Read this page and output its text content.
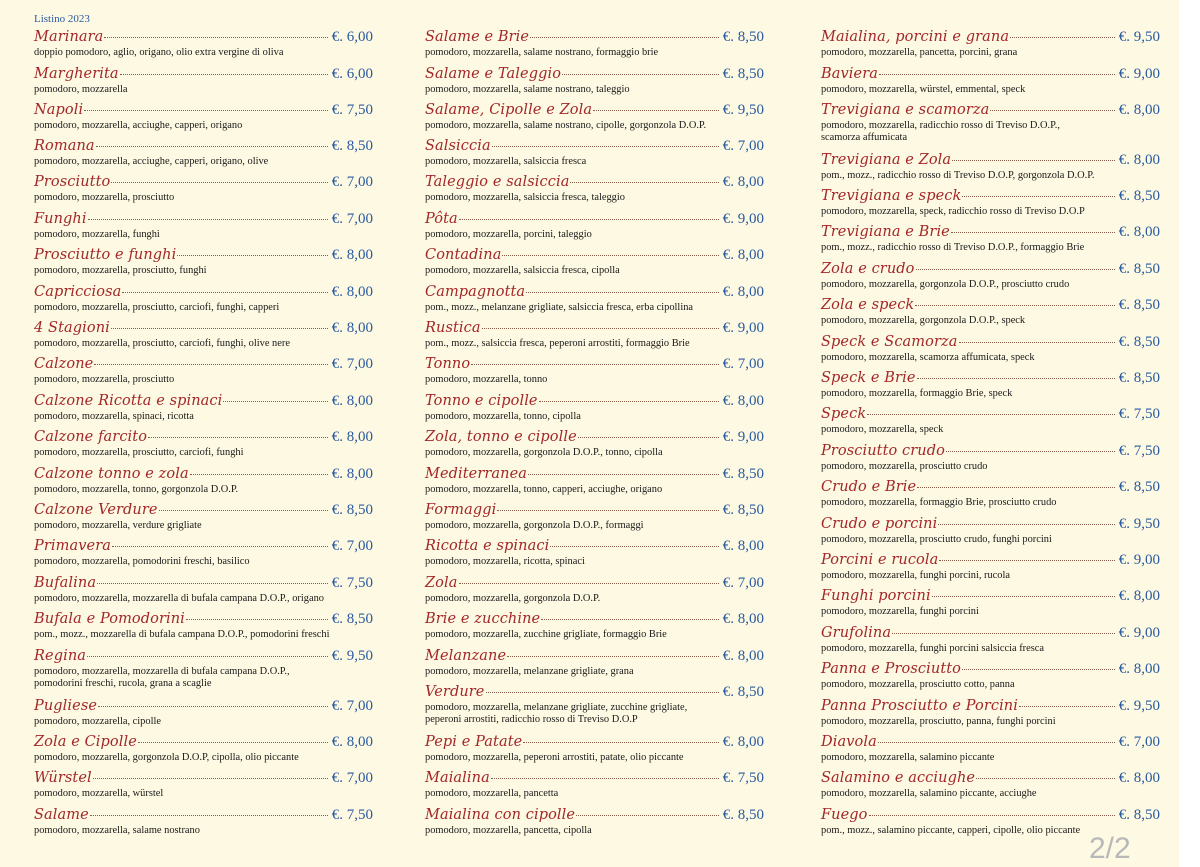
Listino 2023
Marinara	€. 6,00
doppio pomodoro, aglio, origano, olio extra vergine di oliva
Margherita	€. 6,00
pomodoro, mozzarella
Napoli	€. 7,50
pomodoro, mozzarella, acciughe, capperi, origano
Romana	€. 8,50
pomodoro, mozzarella, acciughe, capperi, origano, olive
Prosciutto	€. 7,00
pomodoro, mozzarella, prosciutto
Funghi	€. 7,00
pomodoro, mozzarella, funghi
Prosciutto e funghi	€. 8,00
pomodoro, mozzarella, prosciutto, funghi
Capricciosa	€. 8,00
pomodoro, mozzarella, prosciutto, carciofi, funghi, capperi
4 Stagioni	€. 8,00
pomodoro, mozzarella, prosciutto, carciofi, funghi, olive nere
Calzone	€. 7,00
pomodoro, mozzarella, prosciutto
Calzone Ricotta e spinaci	€. 8,00
pomodoro, mozzarella, spinaci, ricotta
Calzone farcito	€. 8,00
pomodoro, mozzarella, prosciutto, carciofi, funghi
Calzone tonno e zola	€. 8,00
pomodoro, mozzarella, tonno, gorgonzola D.O.P.
Calzone Verdure	€. 8,50
pomodoro, mozzarella, verdure grigliate
Primavera	€. 7,00
pomodoro, mozzarella, pomodorini freschi, basilico
Bufalina	€. 7,50
pomodoro, mozzarella, mozzarella di bufala campana D.O.P., origano
Bufala e Pomodorini	€. 8,50
pom., mozz., mozzarella di bufala campana D.O.P., pomodorini freschi
Regina	€. 9,50
pomodoro, mozzarella, mozzarella di bufala campana D.O.P.,
pomodorini freschi, rucola, grana a scaglie
Pugliese	€. 7,00
pomodoro, mozzarella, cipolle
Zola e Cipolle	€. 8,00
pomodoro, mozzarella, gorgonzola D.O.P, cipolla, olio piccante
Würstel	€. 7,00
pomodoro, mozzarella, würstel
Salame	€. 7,50
pomodoro, mozzarella, salame nostrano
Salame e Brie	€. 8,50
pomodoro, mozzarella, salame nostrano, formaggio brie
Salame e Taleggio	€. 8,50
pomodoro, mozzarella, salame nostrano, taleggio
Salame, Cipolle e Zola	€. 9,50
pomodoro, mozzarella, salame nostrano, cipolle, gorgonzola D.O.P.
Salsiccia	€. 7,00
pomodoro, mozzarella, salsiccia fresca
Taleggio e salsiccia	€. 8,00
pomodoro, mozzarella, salsiccia fresca, taleggio
Pôta	€. 9,00
pomodoro, mozzarella, porcini, taleggio
Contadina	€. 8,00
pomodoro, mozzarella, salsiccia fresca, cipolla
Campagnotta	€. 8,00
pom., mozz., melanzane grigliate, salsiccia fresca, erba cipollina
Rustica	€. 9,00
pom., mozz., salsiccia fresca, peperoni arrostiti, formaggio Brie
Tonno	€. 7,00
pomodoro, mozzarella, tonno
Tonno e cipolle	€. 8,00
pomodoro, mozzarella, tonno, cipolla
Zola, tonno e cipolle	€. 9,00
pomodoro, mozzarella, gorgonzola D.O.P., tonno, cipolla
Mediterranea	€. 8,50
pomodoro, mozzarella, tonno, capperi, acciughe, origano
Formaggi	€. 8,50
pomodoro, mozzarella, gorgonzola D.O.P., formaggi
Ricotta e spinaci	€. 8,00
pomodoro, mozzarella, ricotta, spinaci
Zola	€. 7,00
pomodoro, mozzarella, gorgonzola D.O.P.
Brie e zucchine	€. 8,00
pomodoro, mozzarella, zucchine grigliate, formaggio Brie
Melanzane	€. 8,00
pomodoro, mozzarella, melanzane grigliate, grana
Verdure	€. 8,50
pomodoro, mozzarella, melanzane grigliate, zucchine grigliate,
peperoni arrostiti, radicchio rosso di Treviso D.O.P
Pepi e Patate	€. 8,00
pomodoro, mozzarella, peperoni arrostiti, patate, olio piccante
Maialina	€. 7,50
pomodoro, mozzarella, pancetta
Maialina con cipolle	€. 8,50
pomodoro, mozzarella, pancetta, cipolla
Maialina, porcini e grana	€. 9,50
pomodoro, mozzarella, pancetta, porcini, grana
Baviera	€. 9,00
pomodoro, mozzarella, würstel, emmental, speck
Trevigiana e scamorza	€. 8,00
pomodoro, mozzarella, radicchio rosso di Treviso D.O.P.,
scamorza affumicata
Trevigiana e Zola	€. 8,00
pom., mozz., radicchio rosso di Treviso D.O.P, gorgonzola D.O.P.
Trevigiana e speck	€. 8,50
pomodoro, mozzarella, speck, radicchio rosso di Treviso D.O.P
Trevigiana e Brie	€. 8,00
pom., mozz., radicchio rosso di Treviso D.O.P., formaggio Brie
Zola e crudo	€. 8,50
pomodoro, mozzarella, gorgonzola D.O.P., prosciutto crudo
Zola e speck	€. 8,50
pomodoro, mozzarella, gorgonzola D.O.P., speck
Speck e Scamorza	€. 8,50
pomodoro, mozzarella, scamorza affumicata, speck
Speck e Brie	€. 8,50
pomodoro, mozzarella, formaggio Brie, speck
Speck	€. 7,50
pomodoro, mozzarella, speck
Prosciutto crudo	€. 7,50
pomodoro, mozzarella, prosciutto crudo
Crudo e Brie	€. 8,50
pomodoro, mozzarella, formaggio Brie, prosciutto crudo
Crudo e porcini	€. 9,50
pomodoro, mozzarella, prosciutto crudo, funghi porcini
Porcini e rucola	€. 9,00
pomodoro, mozzarella, funghi porcini, rucola
Funghi porcini	€. 8,00
pomodoro, mozzarella, funghi porcini
Grufolina	€. 9,00
pomodoro, mozzarella, funghi porcini salsiccia fresca
Panna e Prosciutto	€. 8,00
pomodoro, mozzarella, prosciutto cotto, panna
Panna Prosciutto e Porcini	€. 9,50
pomodoro, mozzarella, prosciutto, panna, funghi porcini
Diavola	€. 7,00
pomodoro, mozzarella, salamino piccante
Salamino e acciughe	€. 8,00
pomodoro, mozzarella, salamino piccante, acciughe
Fuego	€. 8,50
pom., mozz., salamino piccante, capperi, cipolle, olio piccante
2/2
